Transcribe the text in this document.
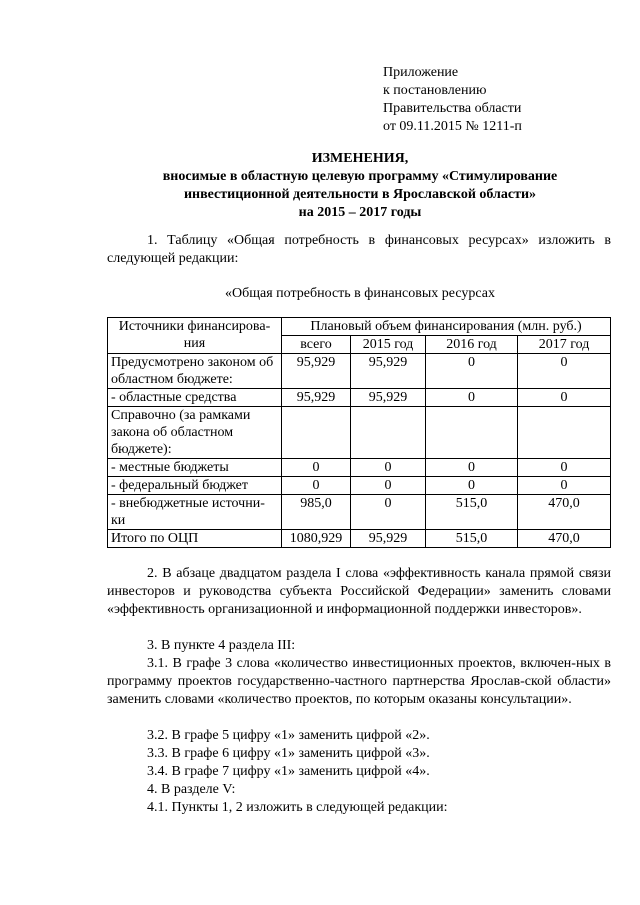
Приложение
к постановлению
Правительства области
от 09.11.2015 № 1211-п
ИЗМЕНЕНИЯ,
вносимые в областную целевую программу «Стимулирование
инвестиционной деятельности в Ярославской области»
на 2015 – 2017 годы
1. Таблицу «Общая потребность в финансовых ресурсах» изложить в следующей редакции:
«Общая потребность в финансовых ресурсах
Источники финансирова-ния	Плановый объем финансирования (млн. руб.)			
	всего	2015 год	2016 год	2017 год
Предусмотрено законом об областном бюджете:	95,929	95,929	0	0
- областные средства	95,929	95,929	0	0
Справочно (за рамками закона об областном бюджете):				
- местные бюджеты	0	0	0	0
- федеральный бюджет	0	0	0	0
- внебюджетные источни-ки	985,0	0	515,0	470,0
Итого по ОЦП	1080,929	95,929	515,0	470,0
2. В абзаце двадцатом раздела I слова «эффективность канала прямой связи инвесторов и руководства субъекта Российской Федерации» заменить словами «эффективность организационной и информационной поддержки инвесторов».
3. В пункте 4 раздела III:
3.1. В графе 3 слова «количество инвестиционных проектов, включен-ных в программу проектов государственно-частного партнерства Ярослав-ской области» заменить словами «количество проектов, по которым оказаны консультации».
3.2. В графе 5 цифру «1» заменить цифрой «2».
3.3. В графе 6 цифру «1» заменить цифрой «3».
3.4. В графе 7 цифру «1» заменить цифрой «4».
4. В разделе V:
4.1. Пункты 1, 2 изложить в следующей редакции:
